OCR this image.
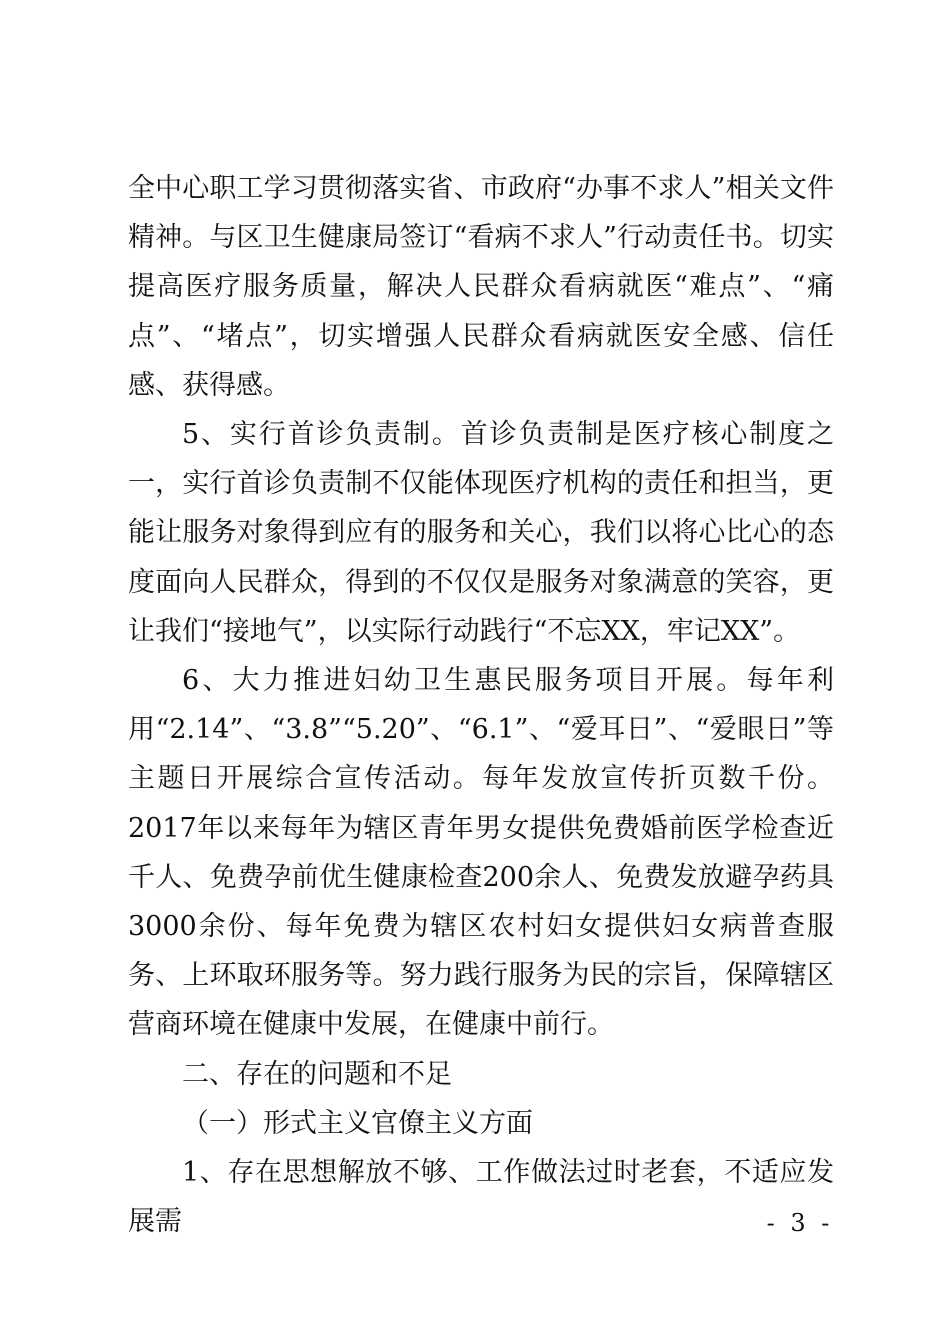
全中心职工学习贯彻落实省、市政府“办事不求人”相关文件精神。与区卫生健康局签订“看病不求人”行动责任书。切实提高医疗服务质量，解决人民群众看病就医“难点”、“痛点”、“堵点”，切实增强人民群众看病就医安全感、信任感、获得感。

5、实行首诊负责制。首诊负责制是医疗核心制度之一，实行首诊负责制不仅能体现医疗机构的责任和担当，更能让服务对象得到应有的服务和关心，我们以将心比心的态度面向人民群众，得到的不仅仅是服务对象满意的笑容，更让我们“接地气”，以实际行动践行“不忘XX，牢记XX”。

6、大力推进妇幼卫生惠民服务项目开展。每年利用“2.14”、“3.8”“5.20”、“6.1”、“爱耳日”、“爱眼日”等主题日开展综合宣传活动。每年发放宣传折页数千份。2017年以来每年为辖区青年男女提供免费婚前医学检查近千人、免费孕前优生健康检查200余人、免费发放避孕药具3000余份、每年免费为辖区农村妇女提供妇女病普查服务、上环取环服务等。努力践行服务为民的宗旨，保障辖区营商环境在健康中发展，在健康中前行。

二、存在的问题和不足

（一）形式主义官僚主义方面

1、存在思想解放不够、工作做法过时老套，不适应发展需	- 3 -
